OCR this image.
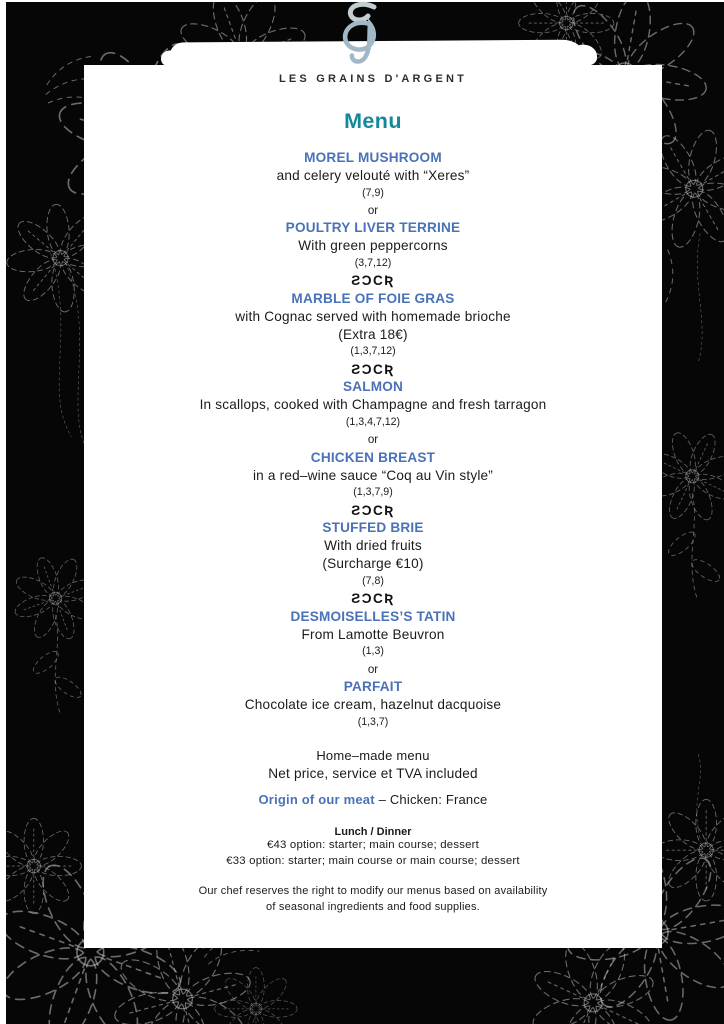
LES GRAINS D'ARGENT
Menu
MOREL MUSHROOM
and celery velouté with “Xeres”
(7,9)
or
POULTRY LIVER TERRINE
With green peppercorns
(3,7,12)
ƧƆϹƦ
MARBLE OF FOIE GRAS
with Cognac served with homemade brioche
(Extra 18€)
(1,3,7,12)
ƧƆϹƦ
SALMON
In scallops, cooked with Champagne and fresh tarragon
(1,3,4,7,12)
or
CHICKEN BREAST
in a red–wine sauce “Coq au Vin style”
(1,3,7,9)
ƧƆϹƦ
STUFFED BRIE
With dried fruits
(Surcharge €10)
(7,8)
ƧƆϹƦ
DESMOISELLES’S TATIN
From Lamotte Beuvron
(1,3)
or
PARFAIT
Chocolate ice cream, hazelnut dacquoise
(1,3,7)
Home–made menu
Net price, service et TVA included
Origin of our meat – Chicken: France
Lunch / Dinner
€43 option: starter; main course; dessert
€33 option: starter; main course or main course; dessert
Our chef reserves the right to modify our menus based on availability
of seasonal ingredients and food supplies.
